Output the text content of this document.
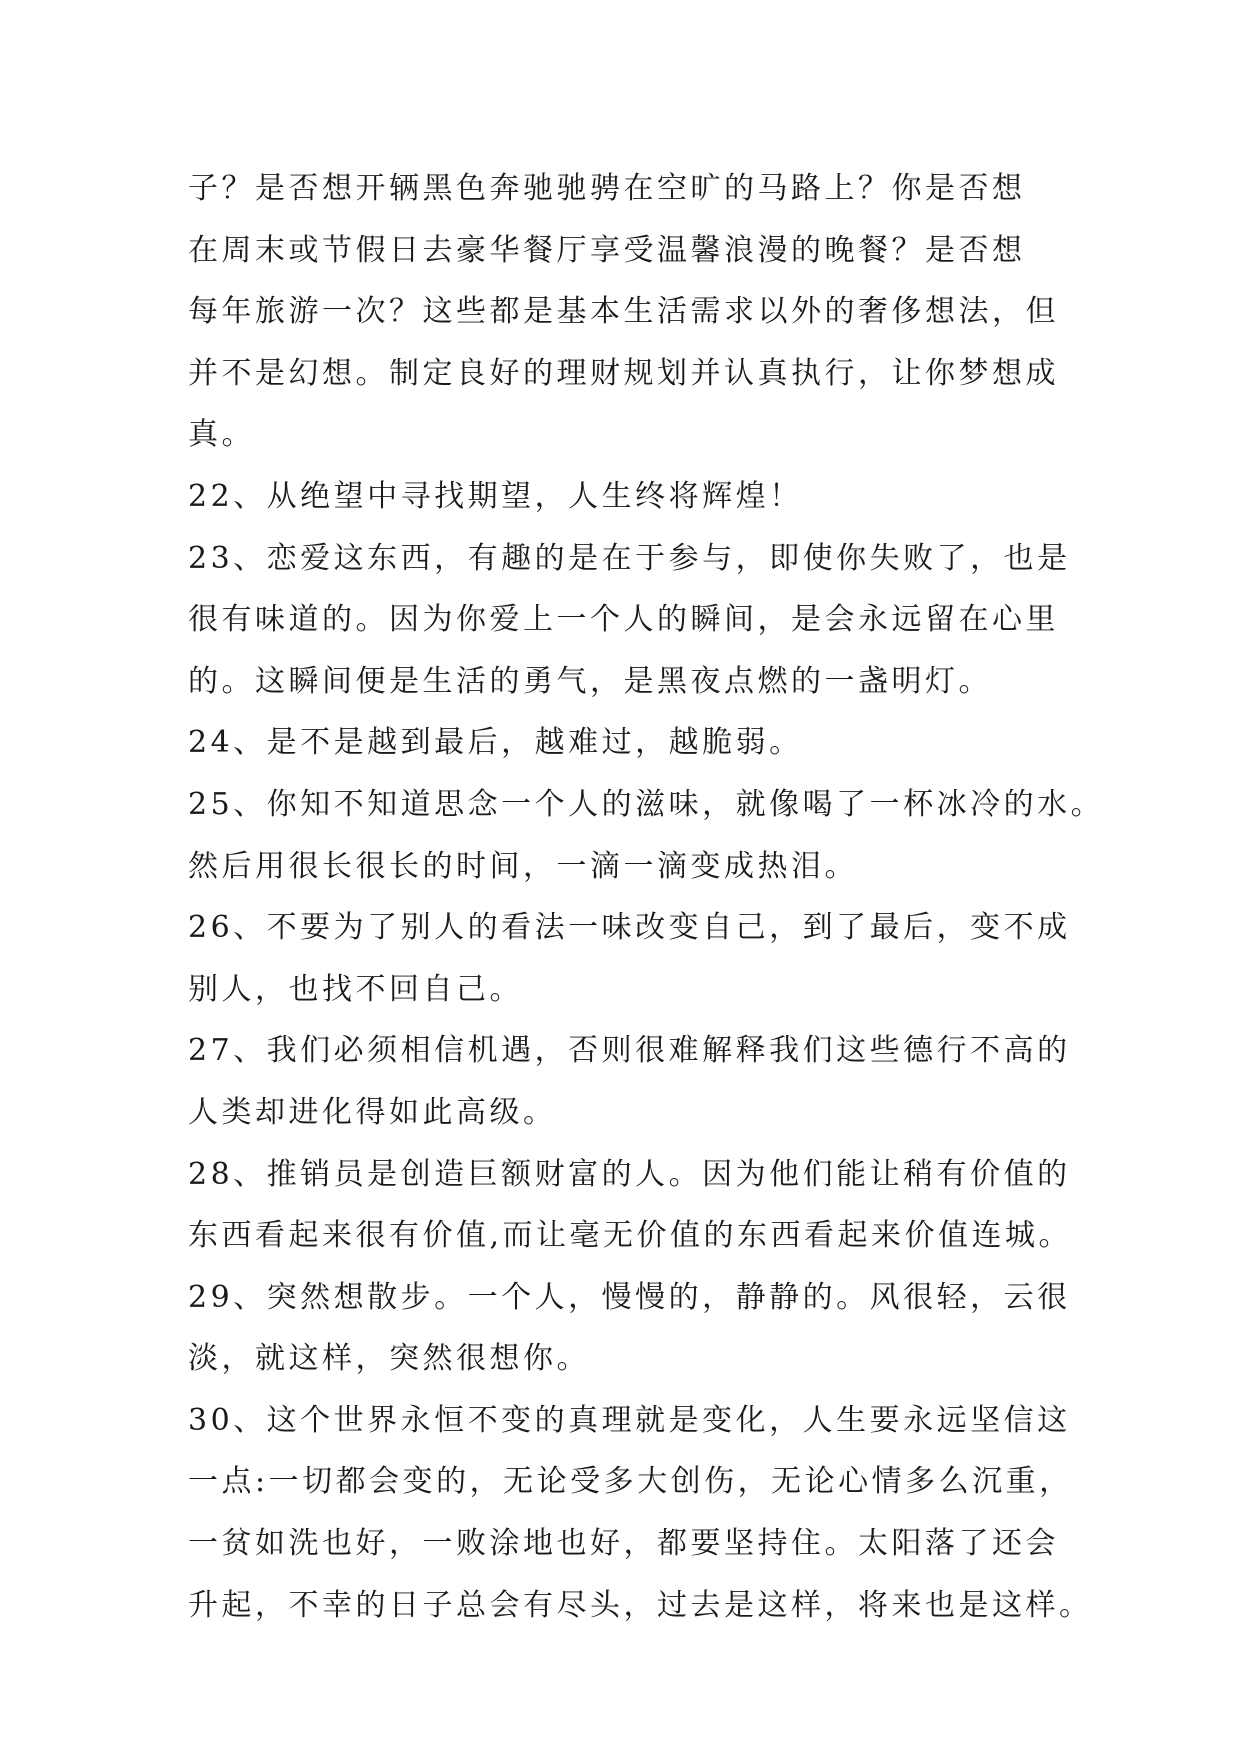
子？是否想开辆黑色奔驰驰骋在空旷的马路上？你是否想
在周末或节假日去豪华餐厅享受温馨浪漫的晚餐？是否想
每年旅游一次？这些都是基本生活需求以外的奢侈想法，但
并不是幻想。制定良好的理财规划并认真执行，让你梦想成
真。
22、从绝望中寻找期望，人生终将辉煌！
23、恋爱这东西，有趣的是在于参与，即使你失败了，也是
很有味道的。因为你爱上一个人的瞬间，是会永远留在心里
的。这瞬间便是生活的勇气，是黑夜点燃的一盏明灯。
24、是不是越到最后，越难过，越脆弱。
25、你知不知道思念一个人的滋味，就像喝了一杯冰冷的水。
然后用很长很长的时间，一滴一滴变成热泪。
26、不要为了别人的看法一味改变自己，到了最后，变不成
别人，也找不回自己。
27、我们必须相信机遇，否则很难解释我们这些德行不高的
人类却进化得如此高级。
28、推销员是创造巨额财富的人。因为他们能让稍有价值的
东西看起来很有价值,而让毫无价值的东西看起来价值连城。
29、突然想散步。一个人，慢慢的，静静的。风很轻，云很
淡，就这样，突然很想你。
30、这个世界永恒不变的真理就是变化，人生要永远坚信这
一点:一切都会变的，无论受多大创伤，无论心情多么沉重，
一贫如洗也好，一败涂地也好，都要坚持住。太阳落了还会
升起，不幸的日子总会有尽头，过去是这样，将来也是这样。
